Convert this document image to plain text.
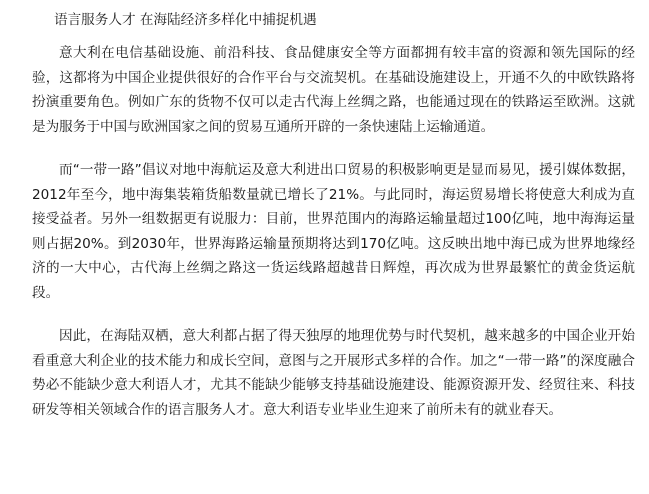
语言服务人才 在海陆经济多样化中捕捉机遇

意大利在电信基础设施、前沿科技、食品健康安全等方面都拥有较丰富的资源和领先国际的经验，这都将为中国企业提供很好的合作平台与交流契机。在基础设施建设上，开通不久的中欧铁路将扮演重要角色。例如广东的货物不仅可以走古代海上丝绸之路，也能通过现在的铁路运至欧洲。这就是为服务于中国与欧洲国家之间的贸易互通所开辟的一条快速陆上运输通道。

而“一带一路”倡议对地中海航运及意大利进出口贸易的积极影响更是显而易见，援引媒体数据，2012年至今，地中海集装箱货船数量就已增长了21%。与此同时，海运贸易增长将使意大利成为直接受益者。另外一组数据更有说服力：目前，世界范围内的海路运输量超过100亿吨，地中海海运量则占据20%。到2030年，世界海路运输量预期将达到170亿吨。这反映出地中海已成为世界地缘经济的一大中心，古代海上丝绸之路这一货运线路超越昔日辉煌，再次成为世界最繁忙的黄金货运航段。

因此，在海陆双栖，意大利都占据了得天独厚的地理优势与时代契机，越来越多的中国企业开始看重意大利企业的技术能力和成长空间，意图与之开展形式多样的合作。加之“一带一路”的深度融合势必不能缺少意大利语人才，尤其不能缺少能够支持基础设施建设、能源资源开发、经贸往来、科技研发等相关领域合作的语言服务人才。意大利语专业毕业生迎来了前所未有的就业春天。
